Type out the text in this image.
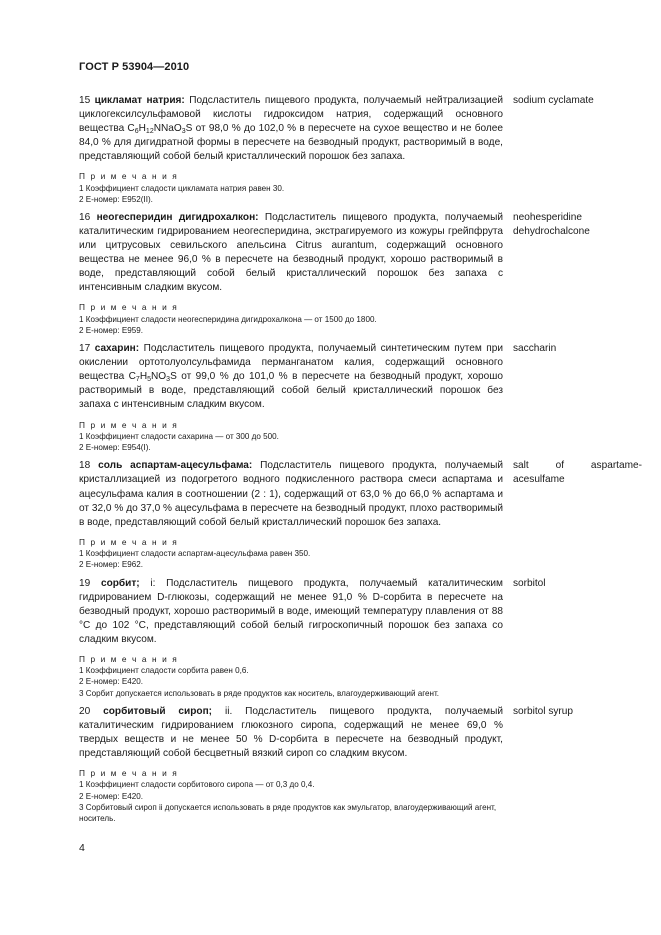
ГОСТ Р 53904—2010
15 цикламат натрия: Подсластитель пищевого продукта, получаемый нейтрализацией циклогексилсульфамовой кислоты гидроксидом натрия, содержащий основного вещества $C_6H_{12}NNaO_3S$ от 98,0 % до 102,0 % в пересчете на сухое вещество и не более 84,0 % для дигидратной формы в пересчете на безводный продукт, растворимый в воде, представляющий собой белый кристаллический порошок без запаха.
sodium cyclamate
П р и м е ч а н и я
1 Коэффициент сладости цикламата натрия равен 30.
2 Е-номер: Е952(II).
16 неогесперидин дигидрохалкон: Подсластитель пищевого продукта, получаемый каталитическим гидрированием неогесперидина, экстрагируемого из кожуры грейпфрута или цитрусовых севильского апельсина Citrus aurantum, содержащий основного вещества не менее 96,0 % в пересчете на безводный продукт, хорошо растворимый в воде, представляющий собой белый кристаллический порошок без запаха с интенсивным сладким вкусом.
neohesperidine dehydrochalcone
П р и м е ч а н и я
1 Коэффициент сладости неогесперидина дигидрохалкона — от 1500 до 1800.
2 Е-номер: Е959.
17 сахарин: Подсластитель пищевого продукта, получаемый синтетическим путем при окислении ортотолуолсульфамида перманганатом калия, содержащий основного вещества $C_7H_5NO_3S$ от 99,0 % до 101,0 % в пересчете на безводный продукт, хорошо растворимый в воде, представляющий собой белый кристаллический порошок без запаха с интенсивным сладким вкусом.
saccharin
П р и м е ч а н и я
1 Коэффициент сладости сахарина — от 300 до 500.
2 Е-номер: Е954(I).
18 соль аспартам-ацесульфама: Подсластитель пищевого продукта, получаемый кристаллизацией из подогретого водного подкисленного раствора смеси аспартама и ацесульфама калия в соотношении (2 : 1), содержащий от 63,0 % до 66,0 % аспартама и от 32,0 % до 37,0 % ацесульфама в пересчете на безводный продукт, плохо растворимый в воде, представляющий собой белый кристаллический порошок без запаха.
salt of aspartame-acesulfame
П р и м е ч а н и я
1 Коэффициент сладости аспартам-ацесульфама равен 350.
2 Е-номер: Е962.
19 сорбит; i: Подсластитель пищевого продукта, получаемый каталитическим гидрированием D-глюкозы, содержащий не менее 91,0 % D-сорбита в пересчете на безводный продукт, хорошо растворимый в воде, имеющий температуру плавления от 88 °С до 102 °С, представляющий собой белый гигроскопичный порошок без запаха со сладким вкусом.
sorbitol
П р и м е ч а н и я
1 Коэффициент сладости сорбита равен 0,6.
2 Е-номер: Е420.
3 Сорбит допускается использовать в ряде продуктов как носитель, влагоудерживающий агент.
20 сорбитовый сироп; ii. Подсластитель пищевого продукта, получаемый каталитическим гидрированием глюкозного сиропа, содержащий не менее 69,0 % твердых веществ и не менее 50 % D-сорбита в пересчете на безводный продукт, представляющий собой бесцветный вязкий сироп со сладким вкусом.
sorbitol syrup
П р и м е ч а н и я
1 Коэффициент сладости сорбитового сиропа — от 0,3 до 0,4.
2 Е-номер: Е420.
3 Сорбитовый сироп ii допускается использовать в ряде продуктов как эмульгатор, влагоудерживающий агент, носитель.
4
